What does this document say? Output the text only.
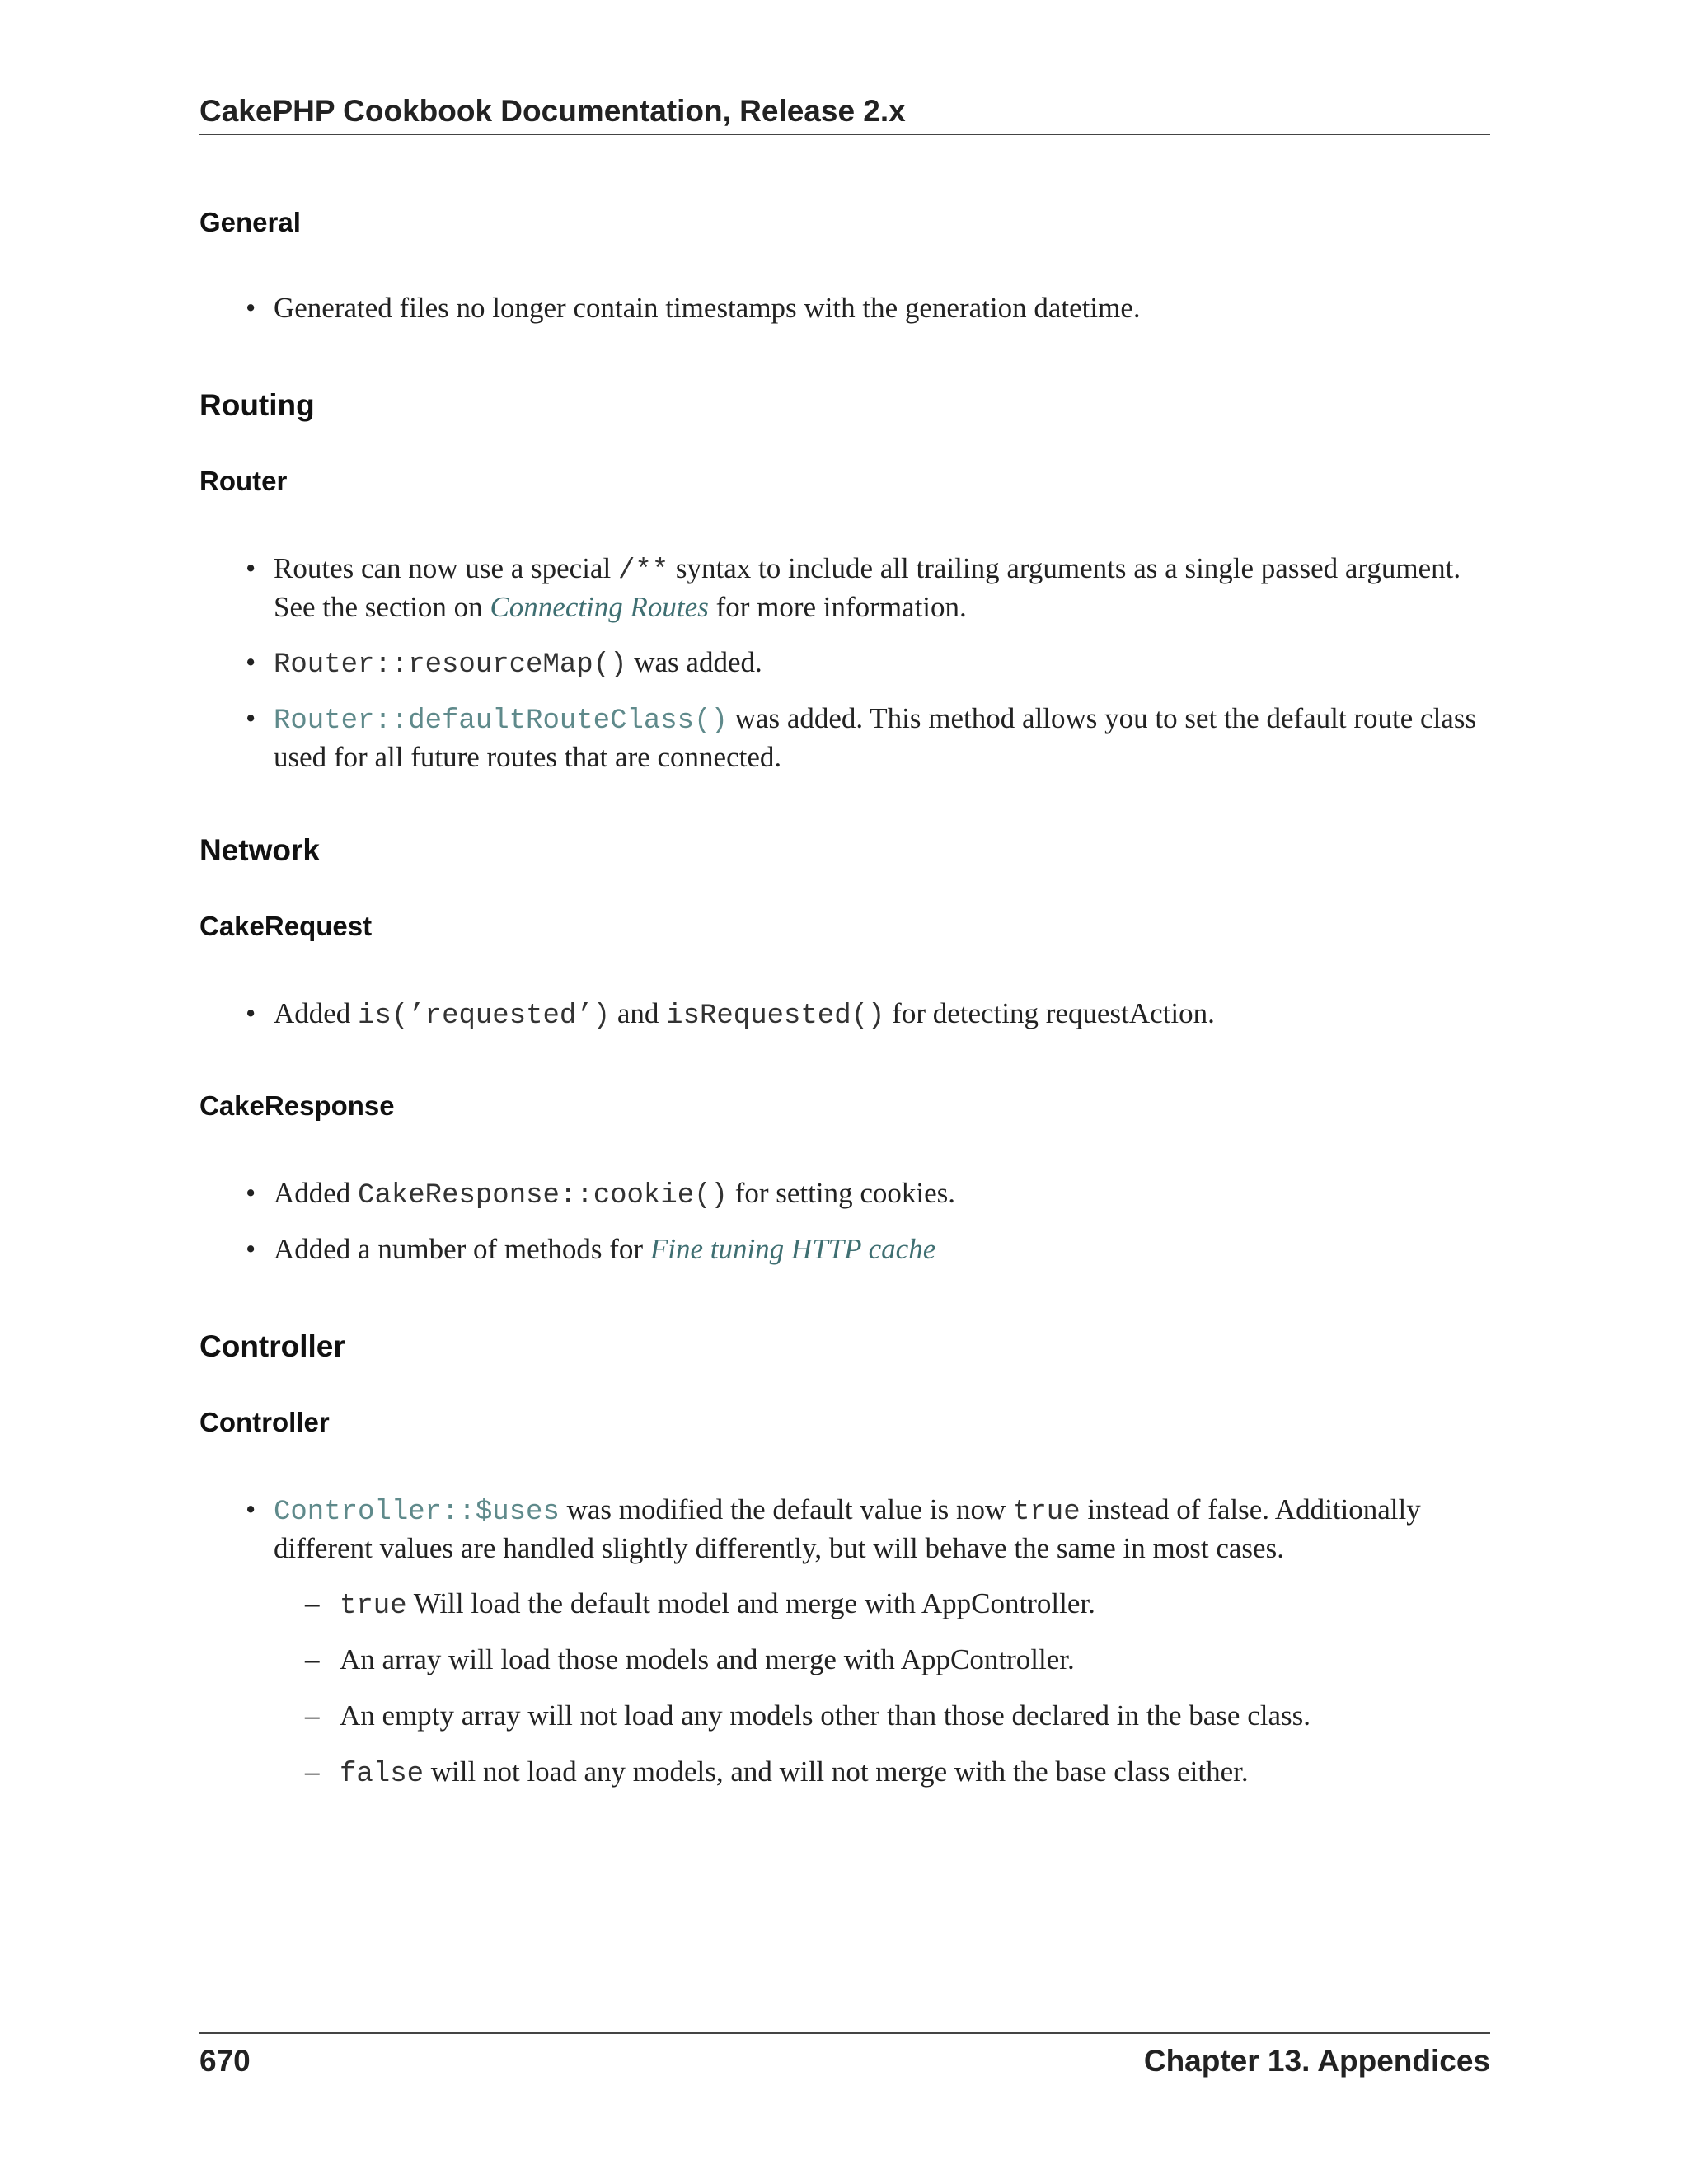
CakePHP Cookbook Documentation, Release 2.x
General
• Generated files no longer contain timestamps with the generation datetime.
Routing
Router
• Routes can now use a special /** syntax to include all trailing arguments as a single passed argument. See the section on Connecting Routes for more information.
• Router::resourceMap() was added.
• Router::defaultRouteClass() was added. This method allows you to set the default route class used for all future routes that are connected.
Network
CakeRequest
• Added is(’requested’) and isRequested() for detecting requestAction.
CakeResponse
• Added CakeResponse::cookie() for setting cookies.
• Added a number of methods for Fine tuning HTTP cache
Controller
Controller
• Controller::$uses was modified the default value is now true instead of false. Additionally different values are handled slightly differently, but will behave the same in most cases.
– true Will load the default model and merge with AppController.
– An array will load those models and merge with AppController.
– An empty array will not load any models other than those declared in the base class.
– false will not load any models, and will not merge with the base class either.
670	Chapter 13. Appendices
